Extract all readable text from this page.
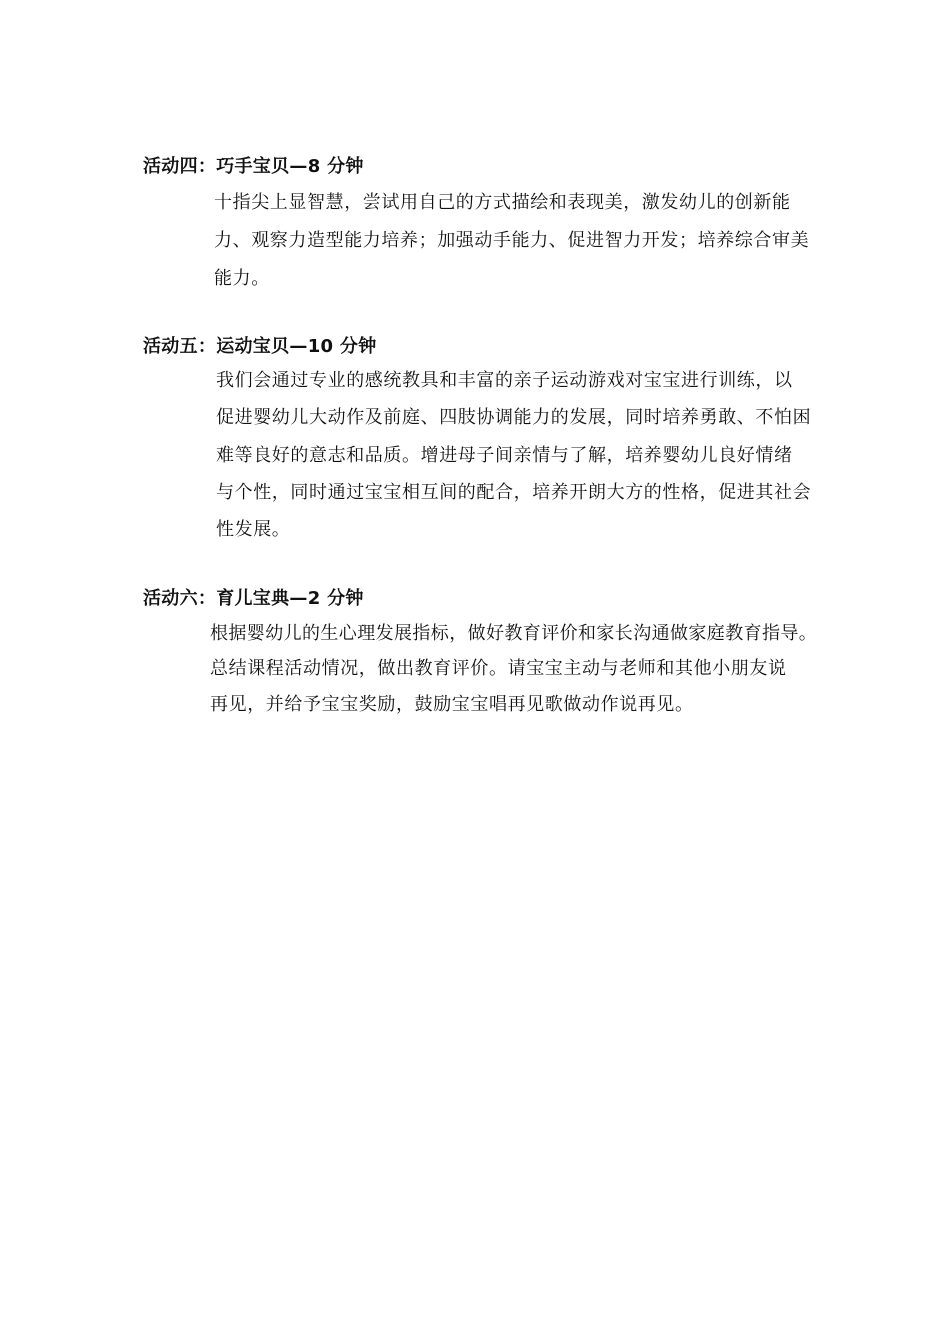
活动四：巧手宝贝—8 分钟
十指尖上显智慧，尝试用自己的方式描绘和表现美，激发幼儿的创新能
力、观察力造型能力培养；加强动手能力、促进智力开发；培养综合审美
能力。
活动五：运动宝贝—10 分钟
我们会通过专业的感统教具和丰富的亲子运动游戏对宝宝进行训练，以
促进婴幼儿大动作及前庭、四肢协调能力的发展，同时培养勇敢、不怕困
难等良好的意志和品质。增进母子间亲情与了解，培养婴幼儿良好情绪
与个性，同时通过宝宝相互间的配合，培养开朗大方的性格，促进其社会
性发展。
活动六：育儿宝典—2 分钟
根据婴幼儿的生心理发展指标，做好教育评价和家长沟通做家庭教育指导。
总结课程活动情况，做出教育评价。请宝宝主动与老师和其他小朋友说
再见，并给予宝宝奖励，鼓励宝宝唱再见歌做动作说再见。
